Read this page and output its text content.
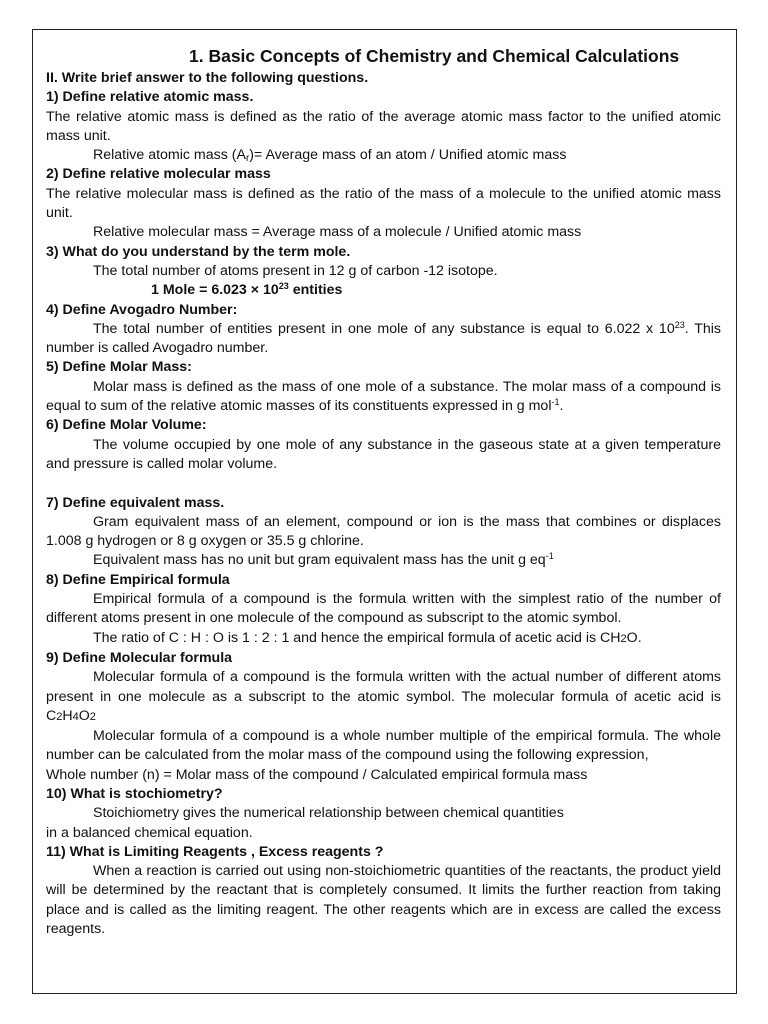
1. Basic Concepts of Chemistry and Chemical Calculations
II. Write brief answer to the following questions.
1) Define relative atomic mass.
The relative atomic mass is defined as the ratio of the average atomic mass factor to the unified atomic mass unit.
Relative atomic mass $(A_r)=$ Average mass of an atom / Unified atomic mass
2) Define relative molecular mass
The relative molecular mass is defined as the ratio of the mass of a molecule to the unified atomic mass unit.
Relative molecular mass = Average mass of a molecule / Unified atomic mass
3) What do you understand by the term mole.
The total number of atoms present in 12 g of carbon -12 isotope.
1 Mole = $6.023 \times 10^{23}$ entities
4) Define Avogadro Number:
The total number of entities present in one mole of any substance is equal to 6.022 x $10^{23}$. This number is called Avogadro number.
5) Define Molar Mass:
Molar mass is defined as the mass of one mole of a substance. The molar mass of a compound is equal to sum of the relative atomic masses of its constituents expressed in g mol$^{-1}$.
6) Define Molar Volume:
The volume occupied by one mole of any substance in the gaseous state at a given temperature and pressure is called molar volume.
7) Define equivalent mass.
Gram equivalent mass of an element, compound or ion is the mass that combines or displaces 1.008 g hydrogen or 8 g oxygen or 35.5 g chlorine.
Equivalent mass has no unit but gram equivalent mass has the unit g $eq^{-1}$
8) Define Empirical formula
Empirical formula of a compound is the formula written with the simplest ratio of the number of different atoms present in one molecule of the compound as subscript to the atomic symbol.
The ratio of C : H : O is 1 : 2 : 1 and hence the empirical formula of acetic acid is CH2O.
9) Define Molecular formula
Molecular formula of a compound is the formula written with the actual number of different atoms present in one molecule as a subscript to the atomic symbol. The molecular formula of acetic acid is C2H4O2
Molecular formula of a compound is a whole number multiple of the empirical formula. The whole number can be calculated from the molar mass of the compound using the following expression,
Whole number (n) = Molar mass of the compound / Calculated empirical formula mass
10) What is stochiometry?
Stoichiometry gives the numerical relationship between chemical quantities
in a balanced chemical equation.
11) What is Limiting Reagents , Excess reagents ?
When a reaction is carried out using non-stoichiometric quantities of the reactants, the product yield will be determined by the reactant that is completely consumed. It limits the further reaction from taking place and is called as the limiting reagent. The other reagents which are in excess are called the excess reagents.
